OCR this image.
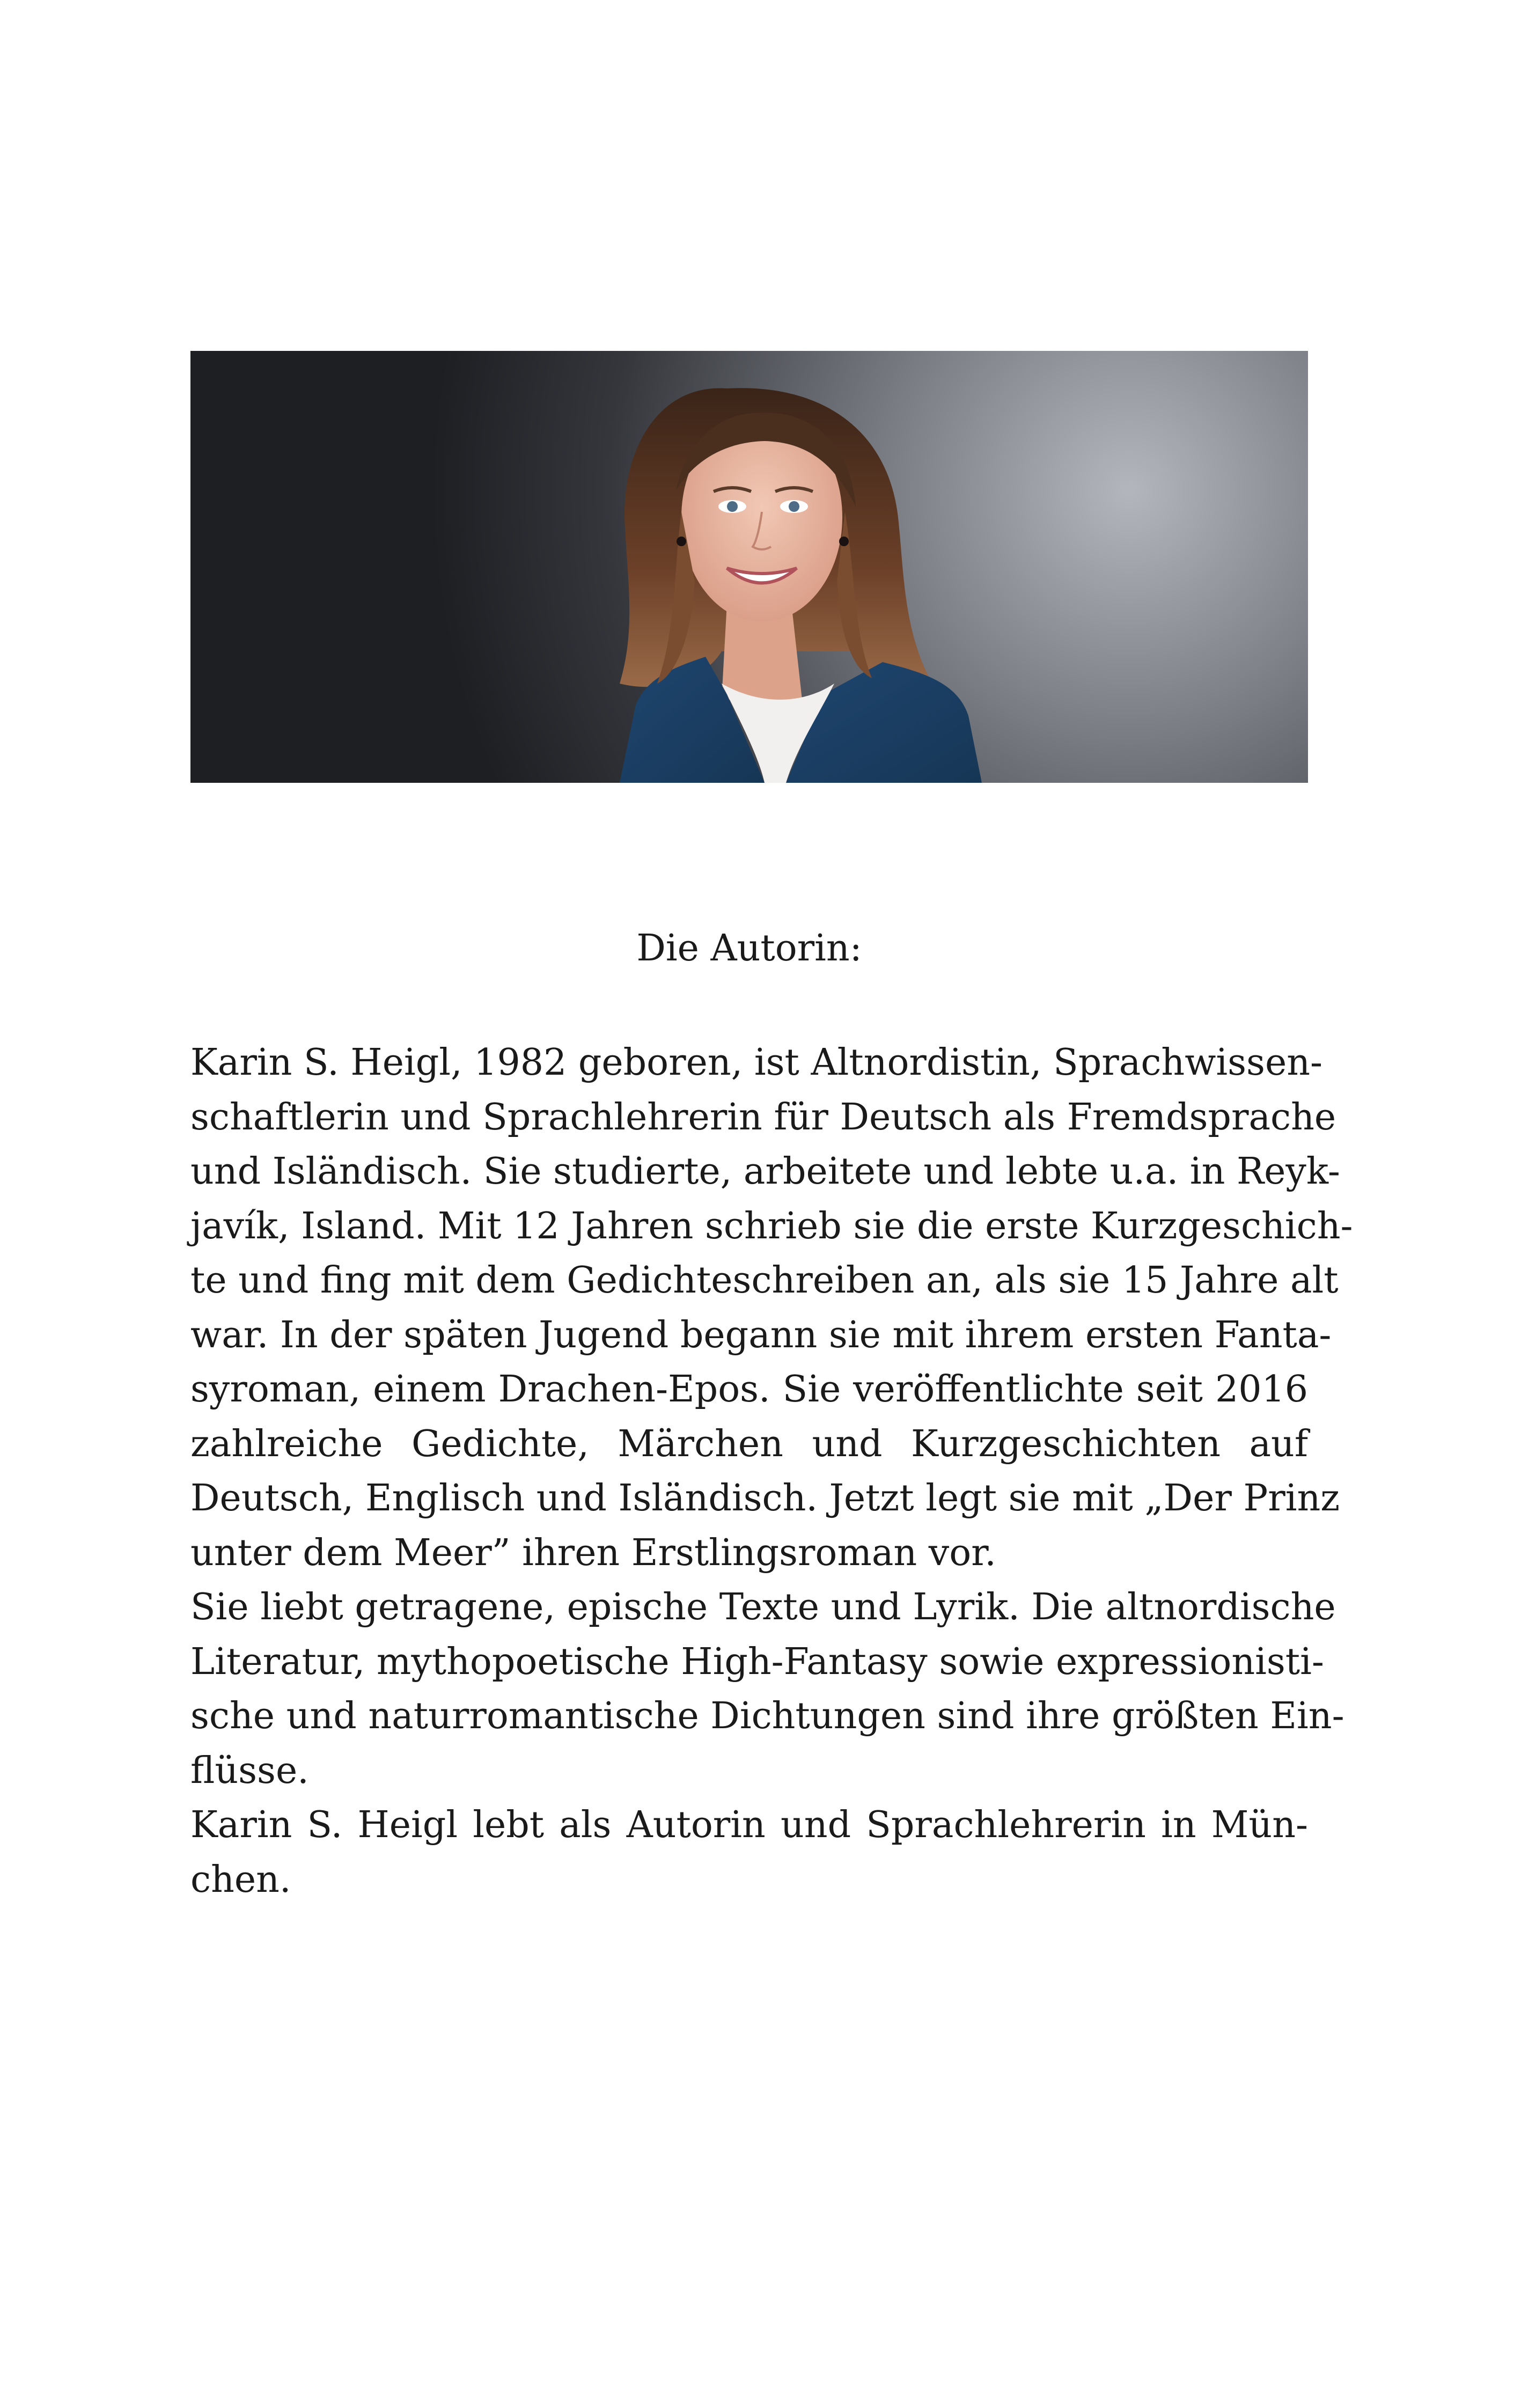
Die Autorin:
Karin S. Heigl, 1982 geboren, ist Altnordistin, Sprachwissen-
schaftlerin und Sprachlehrerin für Deutsch als Fremdsprache
und Isländisch. Sie studierte, arbeitete und lebte u.a. in Reyk-
javík, Island. Mit 12 Jahren schrieb sie die erste Kurzgeschich-
te und fing mit dem Gedichteschreiben an, als sie 15 Jahre alt
war. In der späten Jugend begann sie mit ihrem ersten Fanta-
syroman, einem Drachen-Epos. Sie veröffentlichte seit 2016
zahlreiche Gedichte, Märchen und Kurzgeschichten auf
Deutsch, Englisch und Isländisch. Jetzt legt sie mit „Der Prinz
unter dem Meer” ihren Erstlingsroman vor.
Sie liebt getragene, epische Texte und Lyrik. Die altnordische
Literatur, mythopoetische High-Fantasy sowie expressionisti-
sche und naturromantische Dichtungen sind ihre größten Ein-
flüsse.
Karin S. Heigl lebt als Autorin und Sprachlehrerin in Mün-
chen.
